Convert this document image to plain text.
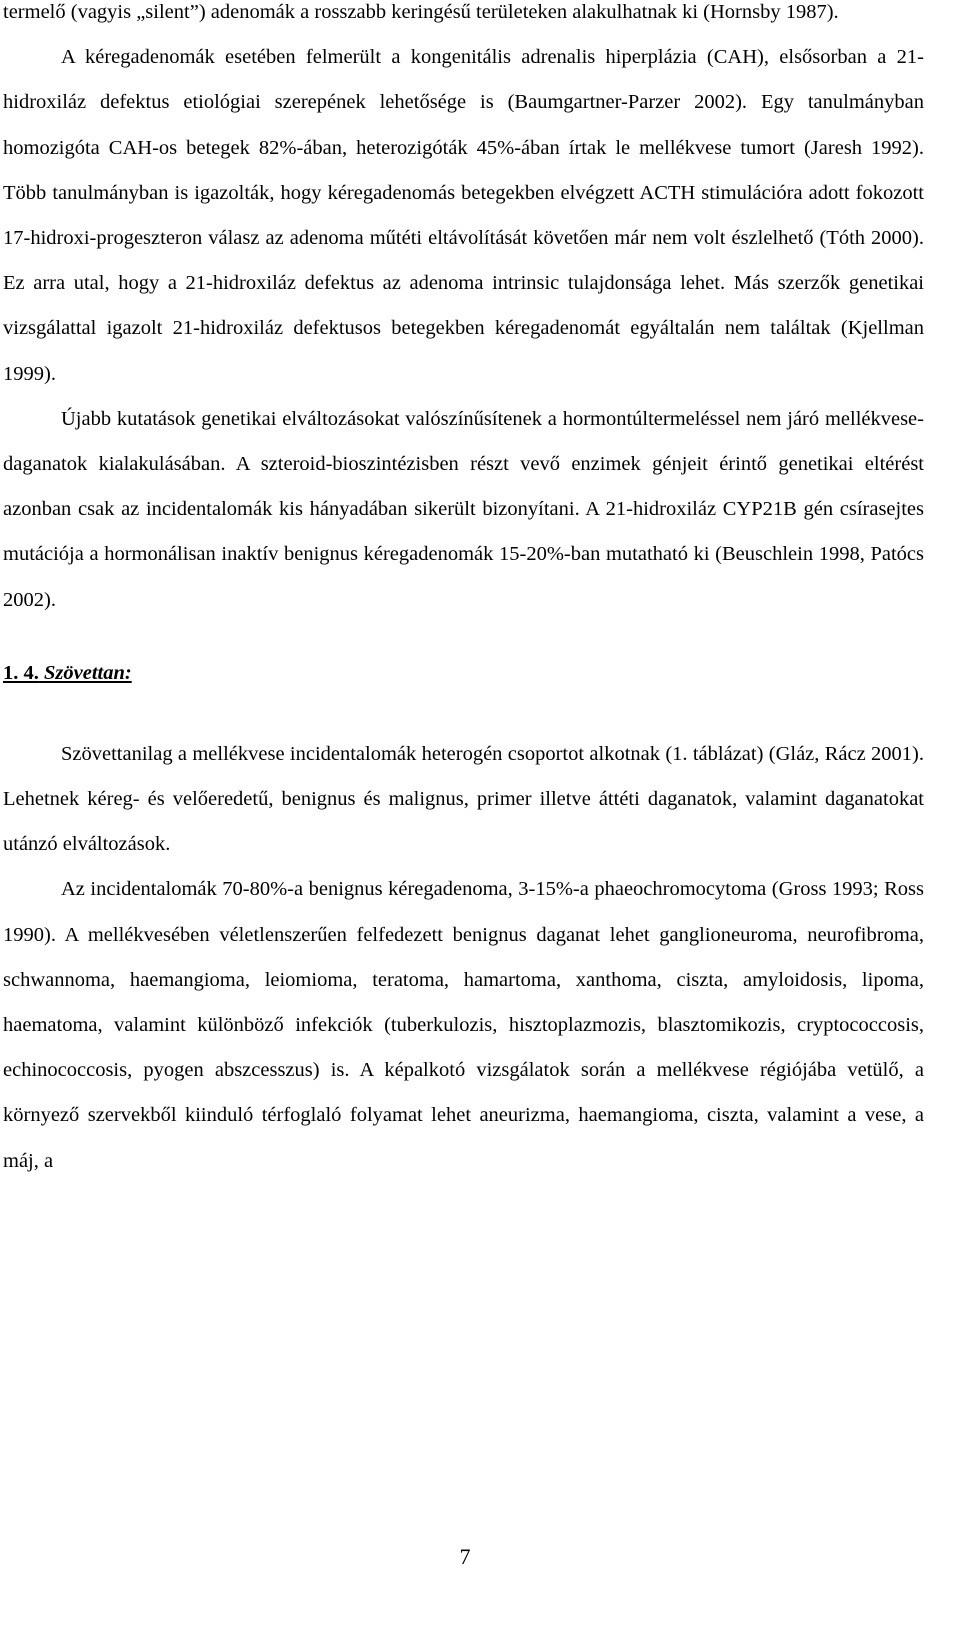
termelő (vagyis „silent”) adenomák a rosszabb keringésű területeken alakulhatnak ki (Hornsby 1987).

A kéregadenomák esetében felmerült a kongenitális adrenalis hiperplázia (CAH), elsősorban a 21-hidroxiláz defektus etiológiai szerepének lehetősége is (Baumgartner-Parzer 2002). Egy tanulmányban homozigóta CAH-os betegek 82%-ában, heterozigóták 45%-ában írtak le mellékvese tumort (Jaresh 1992). Több tanulmányban is igazolták, hogy kéregadenomás betegekben elvégzett ACTH stimulációra adott fokozott 17-hidroxi-progeszteron válasz az adenoma műtéti eltávolítását követően már nem volt észlelhető (Tóth 2000). Ez arra utal, hogy a 21-hidroxiláz defektus az adenoma intrinsic tulajdonsága lehet. Más szerzők genetikai vizsgálattal igazolt 21-hidroxiláz defektusos betegekben kéregadenomát egyáltalán nem találtak (Kjellman 1999).

Újabb kutatások genetikai elváltozásokat valószínűsítenek a hormontúltermeléssel nem járó mellékvese-daganatok kialakulásában. A szteroid-bioszintézisben részt vevő enzimek génjeit érintő genetikai eltérést azonban csak az incidentalomák kis hányadában sikerült bizonyítani. A 21-hidroxiláz CYP21B gén csírasejtes mutációja a hormonálisan inaktív benignus kéregadenomák 15-20%-ban mutatható ki (Beuschlein 1998, Patócs 2002).

1. 4. Szövettan:

Szövettanilag a mellékvese incidentalomák heterogén csoportot alkotnak (1. táblázat) (Gláz, Rácz 2001). Lehetnek kéreg- és velőeredetű, benignus és malignus, primer illetve áttéti daganatok, valamint daganatokat utánzó elváltozások.

Az incidentalomák 70-80%-a benignus kéregadenoma, 3-15%-a phaeochromocytoma (Gross 1993; Ross 1990). A mellékvesében véletlenszerűen felfedezett benignus daganat lehet ganglioneuroma, neurofibroma, schwannoma, haemangioma, leiomioma, teratoma, hamartoma, xanthoma, ciszta, amyloidosis, lipoma, haematoma, valamint különböző infekciók (tuberkulozis, hisztoplazmozis, blasztomikozis, cryptococcosis, echinococcosis, pyogen abszcesszus) is. A képalkotó vizsgálatok során a mellékvese régiójába vetülő, a környező szervekből kiinduló térfoglaló folyamat lehet aneurizma, haemangioma, ciszta, valamint a vese, a máj, a

7
